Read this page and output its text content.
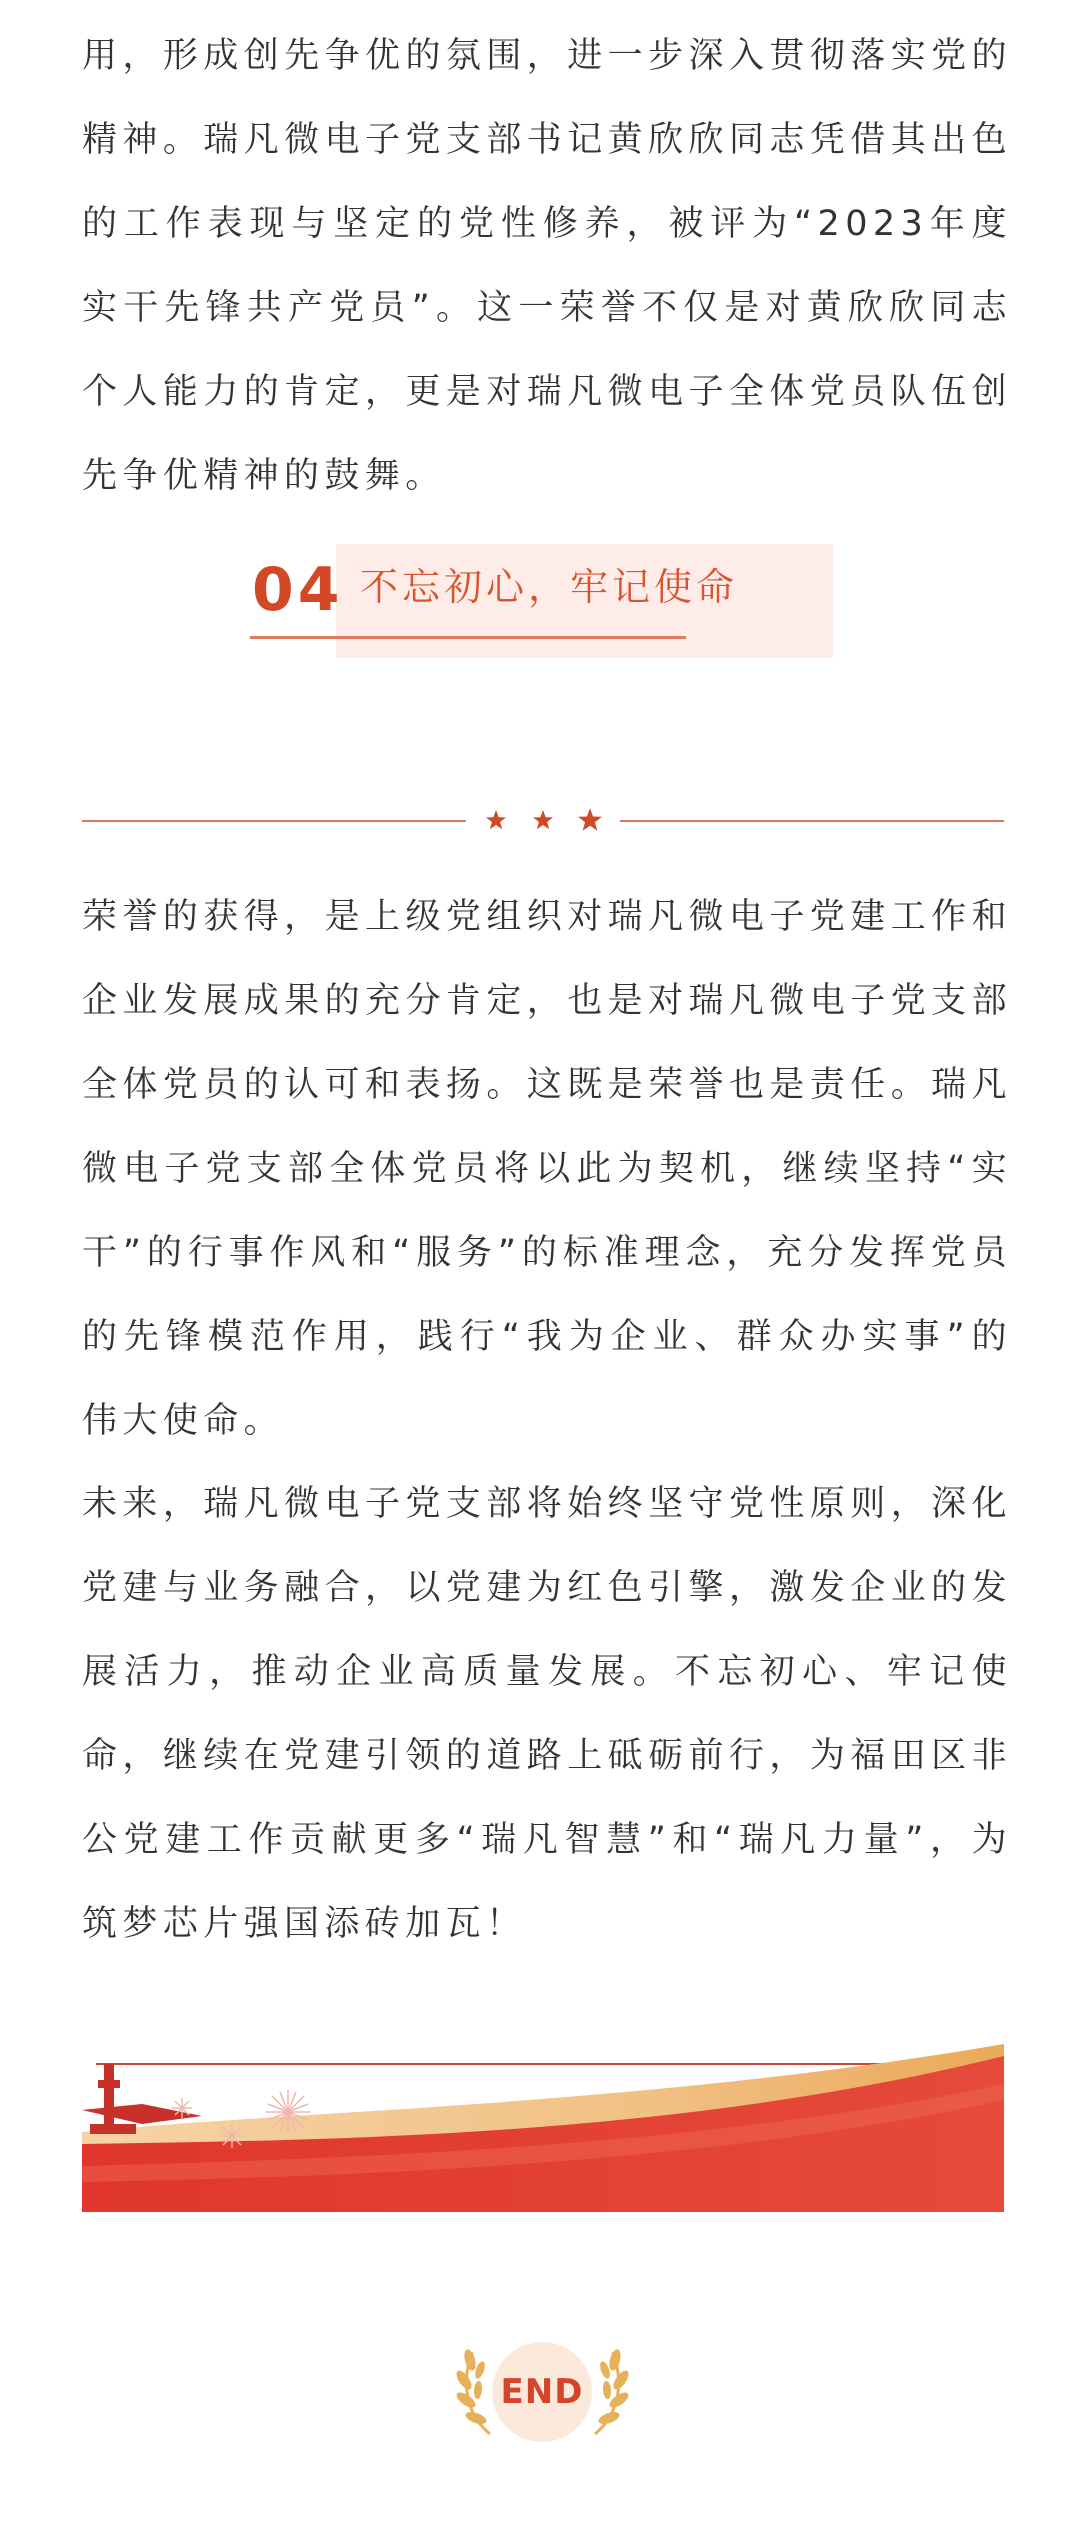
用，形成创先争优的氛围，进一步深入贯彻落实党的精神。瑞凡微电子党支部书记黄欣欣同志凭借其出色的工作表现与坚定的党性修养，被评为“2023年度实干先锋共产党员”。这一荣誉不仅是对黄欣欣同志个人能力的肯定，更是对瑞凡微电子全体党员队伍创先争优精神的鼓舞。

04 不忘初心，牢记使命

荣誉的获得，是上级党组织对瑞凡微电子党建工作和企业发展成果的充分肯定，也是对瑞凡微电子党支部全体党员的认可和表扬。这既是荣誉也是责任。瑞凡微电子党支部全体党员将以此为契机，继续坚持“实干”的行事作风和“服务”的标准理念，充分发挥党员的先锋模范作用，践行“我为企业、群众办实事”的伟大使命。

未来，瑞凡微电子党支部将始终坚守党性原则，深化党建与业务融合，以党建为红色引擎，激发企业的发展活力，推动企业高质量发展。不忘初心、牢记使命，继续在党建引领的道路上砥砺前行，为福田区非公党建工作贡献更多“瑞凡智慧”和“瑞凡力量”，为筑梦芯片强国添砖加瓦！

END
